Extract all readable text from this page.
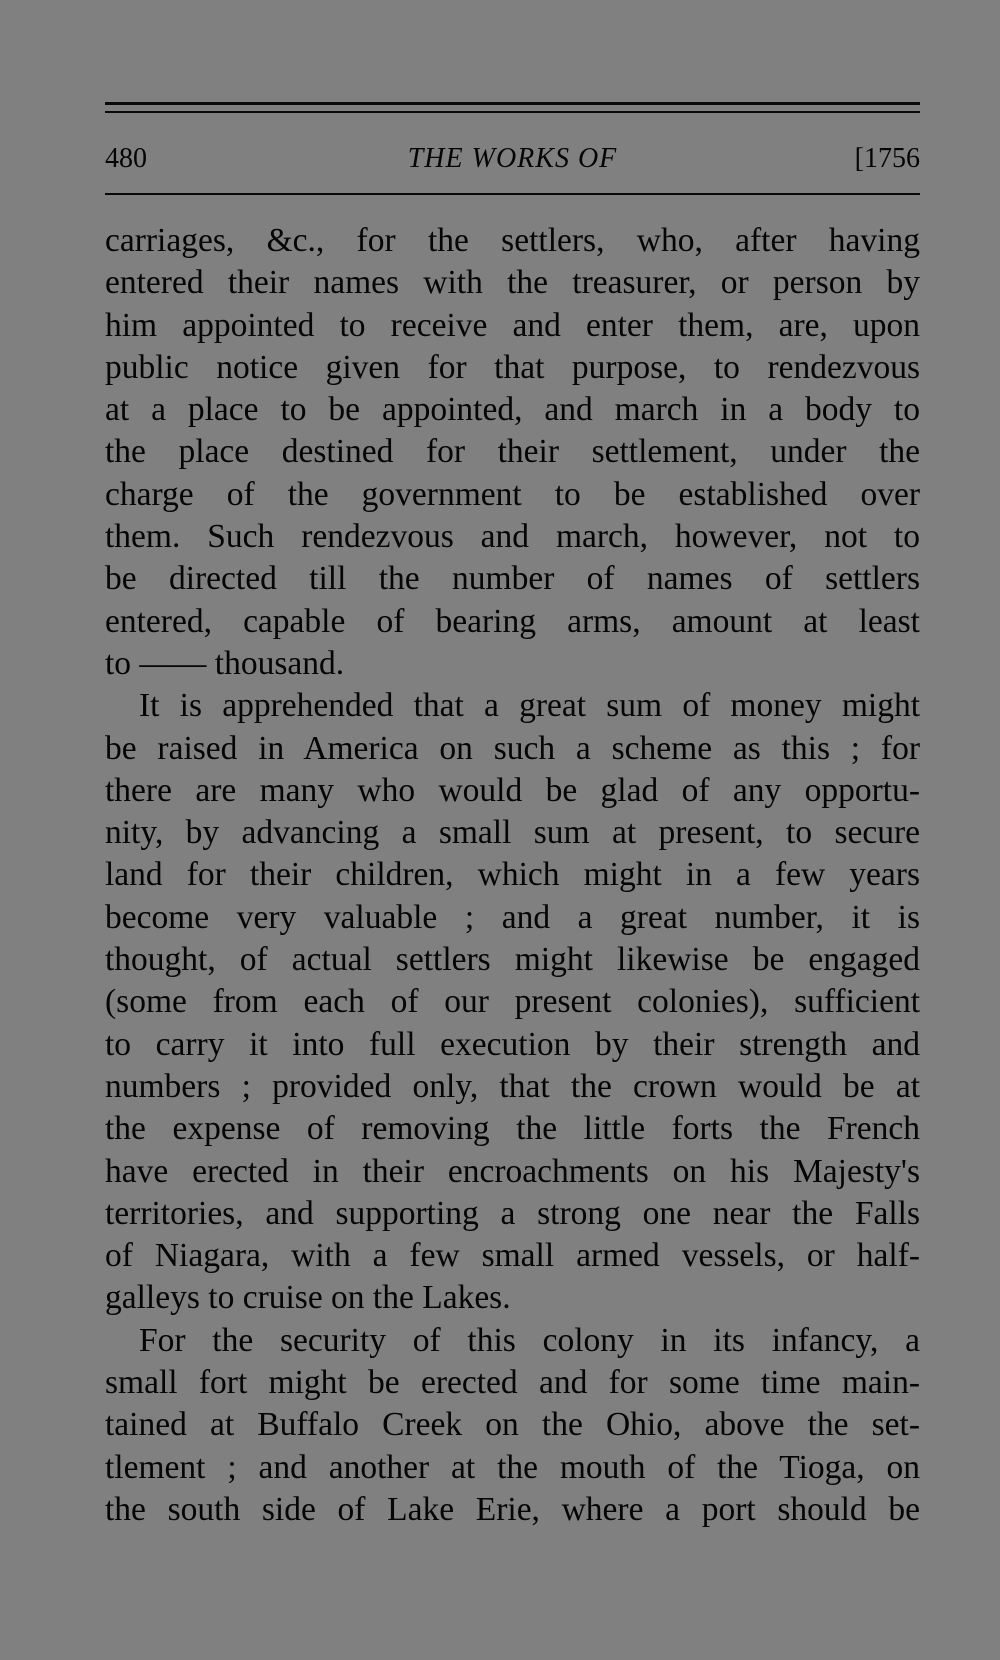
480	THE WORKS OF	[1756
carriages, &c., for the settlers, who, after having
entered their names with the treasurer, or person by
him appointed to receive and enter them, are, upon
public notice given for that purpose, to rendezvous
at a place to be appointed, and march in a body to
the place destined for their settlement, under the
charge of the government to be established over
them. Such rendezvous and march, however, not to
be directed till the number of names of settlers
entered, capable of bearing arms, amount at least
to —— thousand.
It is apprehended that a great sum of money might
be raised in America on such a scheme as this ; for
there are many who would be glad of any opportu-
nity, by advancing a small sum at present, to secure
land for their children, which might in a few years
become very valuable ; and a great number, it is
thought, of actual settlers might likewise be engaged
(some from each of our present colonies), sufficient
to carry it into full execution by their strength and
numbers ; provided only, that the crown would be at
the expense of removing the little forts the French
have erected in their encroachments on his Majesty's
territories, and supporting a strong one near the Falls
of Niagara, with a few small armed vessels, or half-
galleys to cruise on the Lakes.
For the security of this colony in its infancy, a
small fort might be erected and for some time main-
tained at Buffalo Creek on the Ohio, above the set-
tlement ; and another at the mouth of the Tioga, on
the south side of Lake Erie, where a port should be
